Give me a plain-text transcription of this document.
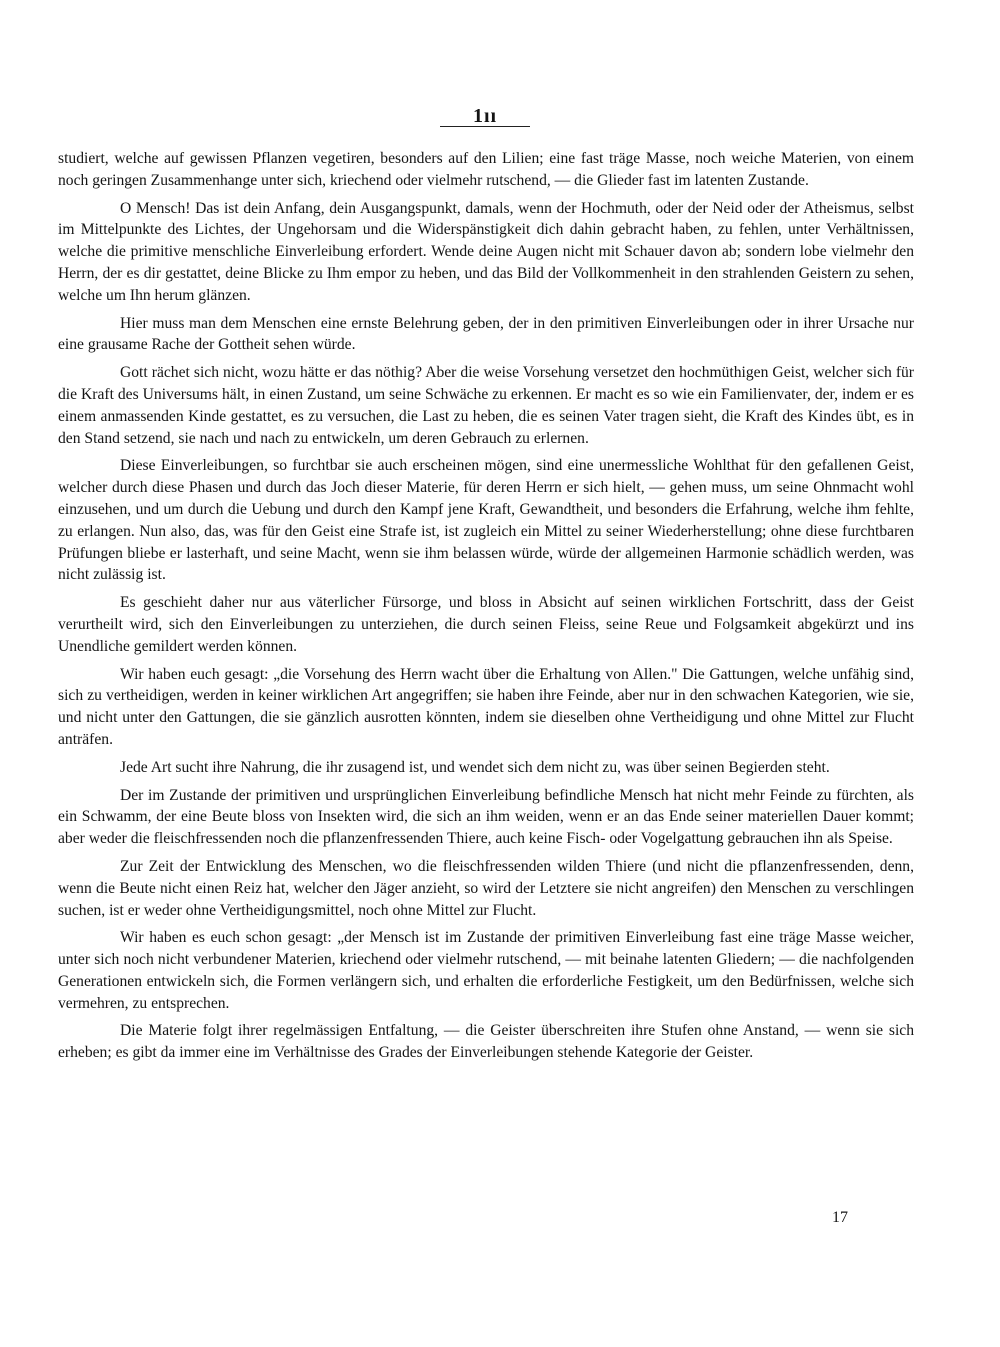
1ıı

studiert, welche auf gewissen Pflanzen vegetiren, besonders auf den Lilien; eine fast träge Masse, noch weiche Materien, von einem noch geringen Zusammenhange unter sich, kriechend oder vielmehr rutschend, — die Glieder fast im latenten Zustande.

O Mensch! Das ist dein Anfang, dein Ausgangspunkt, damals, wenn der Hochmuth, oder der Neid oder der Atheismus, selbst im Mittelpunkte des Lichtes, der Ungehorsam und die Widerspänstigkeit dich dahin gebracht haben, zu fehlen, unter Verhältnissen, welche die primitive menschliche Einverleibung erfordert. Wende deine Augen nicht mit Schauer davon ab; sondern lobe vielmehr den Herrn, der es dir gestattet, deine Blicke zu Ihm empor zu heben, und das Bild der Vollkommenheit in den strahlenden Geistern zu sehen, welche um Ihn herum glänzen.

Hier muss man dem Menschen eine ernste Belehrung geben, der in den primitiven Einverleibungen oder in ihrer Ursache nur eine grausame Rache der Gottheit sehen würde.

Gott rächet sich nicht, wozu hätte er das nöthig? Aber die weise Vorsehung versetzet den hochmüthigen Geist, welcher sich für die Kraft des Universums hält, in einen Zustand, um seine Schwäche zu erkennen. Er macht es so wie ein Familienvater, der, indem er es einem anmassenden Kinde gestattet, es zu versuchen, die Last zu heben, die es seinen Vater tragen sieht, die Kraft des Kindes übt, es in den Stand setzend, sie nach und nach zu entwickeln, um deren Gebrauch zu erlernen.

Diese Einverleibungen, so furchtbar sie auch erscheinen mögen, sind eine unermessliche Wohlthat für den gefallenen Geist, welcher durch diese Phasen und durch das Joch dieser Materie, für deren Herrn er sich hielt, — gehen muss, um seine Ohnmacht wohl einzusehen, und um durch die Uebung und durch den Kampf jene Kraft, Gewandtheit, und besonders die Erfahrung, welche ihm fehlte, zu erlangen. Nun also, das, was für den Geist eine Strafe ist, ist zugleich ein Mittel zu seiner Wiederherstellung; ohne diese furchtbaren Prüfungen bliebe er lasterhaft, und seine Macht, wenn sie ihm belassen würde, würde der allgemeinen Harmonie schädlich werden, was nicht zulässig ist.

Es geschieht daher nur aus väterlicher Fürsorge, und bloss in Absicht auf seinen wirklichen Fortschritt, dass der Geist verurtheilt wird, sich den Einverleibungen zu unterziehen, die durch seinen Fleiss, seine Reue und Folgsamkeit abgekürzt und ins Unendliche gemildert werden können.

Wir haben euch gesagt: „die Vorsehung des Herrn wacht über die Erhaltung von Allen." Die Gattungen, welche unfähig sind, sich zu vertheidigen, werden in keiner wirklichen Art angegriffen; sie haben ihre Feinde, aber nur in den schwachen Kategorien, wie sie, und nicht unter den Gattungen, die sie gänzlich ausrotten könnten, indem sie dieselben ohne Vertheidigung und ohne Mittel zur Flucht anträfen.

Jede Art sucht ihre Nahrung, die ihr zusagend ist, und wendet sich dem nicht zu, was über seinen Begierden steht.

Der im Zustande der primitiven und ursprünglichen Einverleibung befindliche Mensch hat nicht mehr Feinde zu fürchten, als ein Schwamm, der eine Beute bloss von Insekten wird, die sich an ihm weiden, wenn er an das Ende seiner materiellen Dauer kommt; aber weder die fleischfressenden noch die pflanzenfressenden Thiere, auch keine Fisch- oder Vogelgattung gebrauchen ihn als Speise.

Zur Zeit der Entwicklung des Menschen, wo die fleischfressenden wilden Thiere (und nicht die pflanzenfressenden, denn, wenn die Beute nicht einen Reiz hat, welcher den Jäger anzieht, so wird der Letztere sie nicht angreifen) den Menschen zu verschlingen suchen, ist er weder ohne Vertheidigungsmittel, noch ohne Mittel zur Flucht.

Wir haben es euch schon gesagt: „der Mensch ist im Zustande der primitiven Einverleibung fast eine träge Masse weicher, unter sich noch nicht verbundener Materien, kriechend oder vielmehr rutschend, — mit beinahe latenten Gliedern; — die nachfolgenden Generationen entwickeln sich, die Formen verlängern sich, und erhalten die erforderliche Festigkeit, um den Bedürfnissen, welche sich vermehren, zu entsprechen.

Die Materie folgt ihrer regelmässigen Entfaltung, — die Geister überschreiten ihre Stufen ohne Anstand, — wenn sie sich erheben; es gibt da immer eine im Verhältnisse des Grades der Einverleibungen stehende Kategorie der Geister.

17
